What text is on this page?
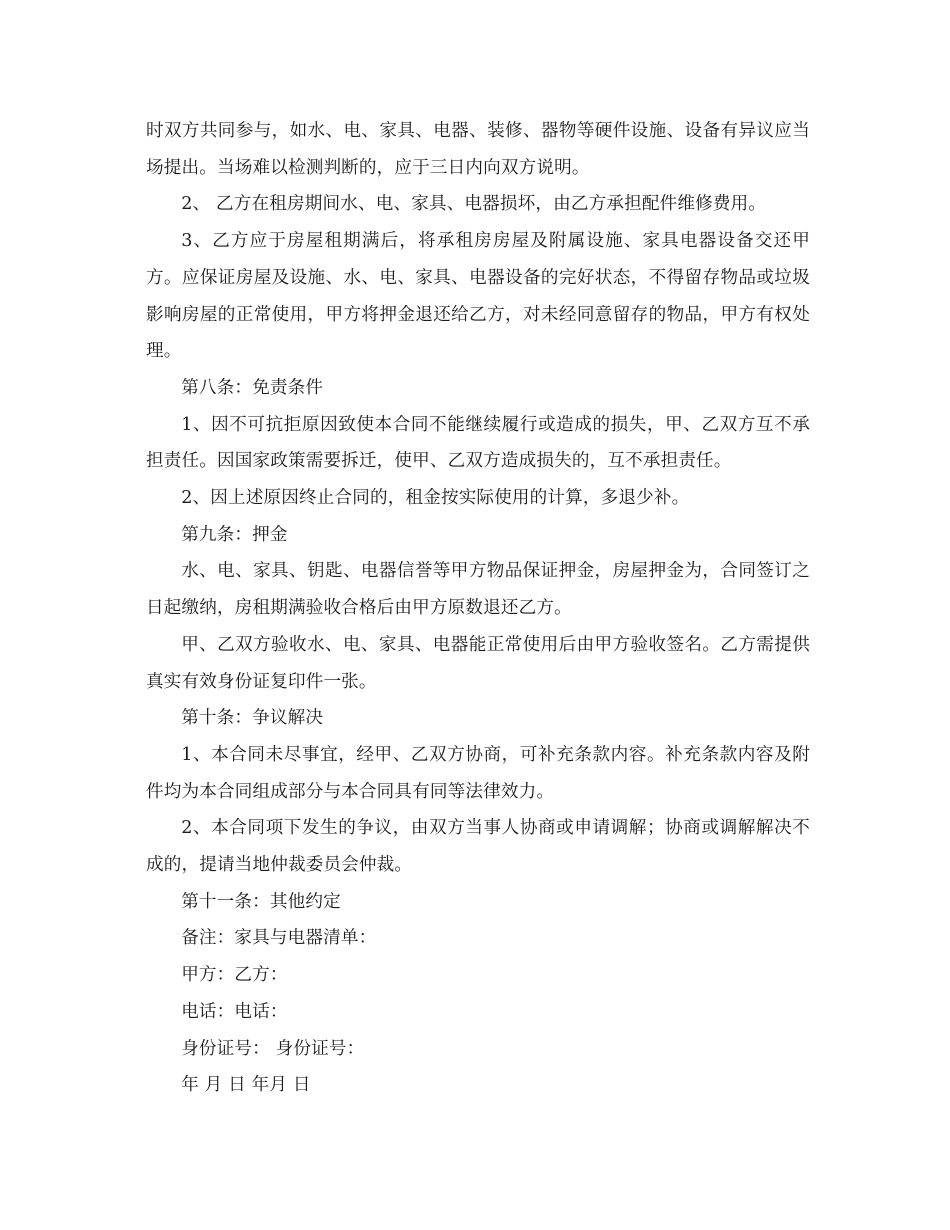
时双方共同参与，如水、电、家具、电器、装修、器物等硬件设施、设备有异议应当场提出。当场难以检测判断的，应于三日内向双方说明。

2、 乙方在租房期间水、电、家具、电器损坏，由乙方承担配件维修费用。

3、乙方应于房屋租期满后，将承租房房屋及附属设施、家具电器设备交还甲方。应保证房屋及设施、水、电、家具、电器设备的完好状态，不得留存物品或垃圾影响房屋的正常使用，甲方将押金退还给乙方，对未经同意留存的物品，甲方有权处理。

第八条：免责条件

1、因不可抗拒原因致使本合同不能继续履行或造成的损失，甲、乙双方互不承担责任。因国家政策需要拆迁，使甲、乙双方造成损失的，互不承担责任。

2、因上述原因终止合同的，租金按实际使用的计算，多退少补。

第九条：押金

水、电、家具、钥匙、电器信誉等甲方物品保证押金，房屋押金为，合同签订之日起缴纳，房租期满验收合格后由甲方原数退还乙方。

甲、乙双方验收水、电、家具、电器能正常使用后由甲方验收签名。乙方需提供真实有效身份证复印件一张。

第十条：争议解决

1、本合同未尽事宜，经甲、乙双方协商，可补充条款内容。补充条款内容及附件均为本合同组成部分与本合同具有同等法律效力。

2、本合同项下发生的争议，由双方当事人协商或申请调解；协商或调解解决不成的，提请当地仲裁委员会仲裁。

第十一条：其他约定

备注：家具与电器清单：

甲方：乙方：

电话：电话：

身份证号： 身份证号：

年 月 日 年月 日
